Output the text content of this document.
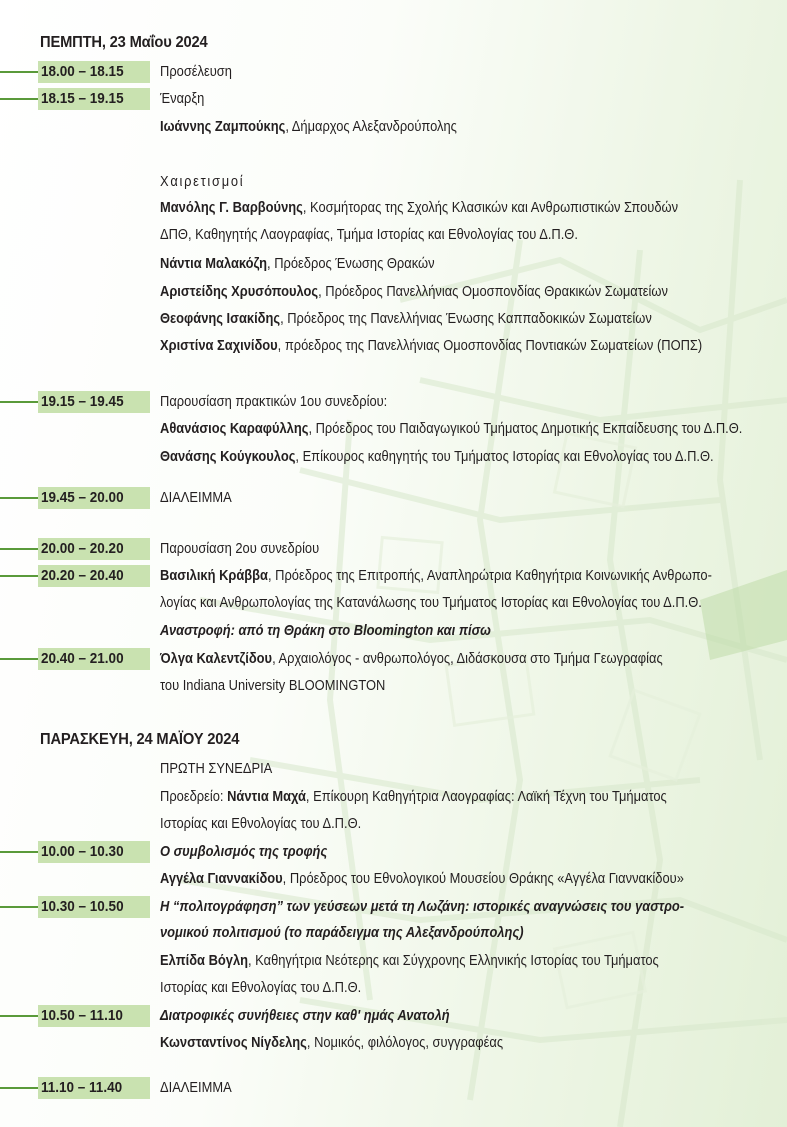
ΠΕΜΠΤΗ, 23 Μαΐου 2024
18.00 – 18.15	Προσέλευση
18.15 – 19.15	Έναρξη
Ιωάννης Ζαμπούκης, Δήμαρχος Αλεξανδρούπολης
Χαιρετισμοί
Μανόλης Γ. Βαρβούνης, Κοσμήτορας της Σχολής Κλασικών και Ανθρωπιστικών Σπουδών
ΔΠΘ, Καθηγητής Λαογραφίας, Τμήμα Ιστορίας και Εθνολογίας του Δ.Π.Θ.
Νάντια Μαλακόζη, Πρόεδρος Ένωσης Θρακών
Αριστείδης Χρυσόπουλος, Πρόεδρος Πανελλήνιας Ομοσπονδίας Θρακικών Σωματείων
Θεοφάνης Ισακίδης, Πρόεδρος της Πανελλήνιας Ένωσης Καππαδοκικών Σωματείων
Χριστίνα Σαχινίδου, πρόεδρος της Πανελλήνιας Ομοσπονδίας Ποντιακών Σωματείων (ΠΟΠΣ)
19.15 – 19.45	Παρουσίαση πρακτικών 1ου συνεδρίου:
Αθανάσιος Καραφύλλης, Πρόεδρος του Παιδαγωγικού Τμήματος Δημοτικής Εκπαίδευσης του Δ.Π.Θ.
Θανάσης Κούγκουλος, Επίκουρος καθηγητής του Τμήματος Ιστορίας και Εθνολογίας του Δ.Π.Θ.
19.45 – 20.00	ΔΙΑΛΕΙΜΜΑ
20.00 – 20.20	Παρουσίαση 2ου συνεδρίου
20.20 – 20.40	Βασιλική Κράββα, Πρόεδρος της Επιτροπής, Αναπληρώτρια Καθηγήτρια Κοινωνικής Ανθρωπο-
λογίας και Ανθρωπολογίας της Κατανάλωσης του Τμήματος Ιστορίας και Εθνολογίας του Δ.Π.Θ.
Αναστροφή: από τη Θράκη στο Bloomington και πίσω
20.40 – 21.00	Όλγα Καλεντζίδου, Αρχαιολόγος - ανθρωπολόγος, Διδάσκουσα στο Τμήμα Γεωγραφίας
του Indiana University BLOOMINGTON
ΠΑΡΑΣΚΕΥΗ, 24 ΜΑΪΟΥ 2024
ΠΡΩΤΗ ΣΥΝΕΔΡΙΑ
Προεδρείο: Νάντια Μαχά, Επίκουρη Καθηγήτρια Λαογραφίας: Λαϊκή Τέχνη του Τμήματος
Ιστορίας και Εθνολογίας του Δ.Π.Θ.
10.00 – 10.30	Ο συμβολισμός της τροφής
Αγγέλα Γιαννακίδου, Πρόεδρος του Εθνολογικού Μουσείου Θράκης «Αγγέλα Γιαννακίδου»
10.30 – 10.50	Η “πολιτογράφηση” των γεύσεων μετά τη Λωζάνη: ιστορικές αναγνώσεις του γαστρο-
νομικού πολιτισμού (το παράδειγμα της Αλεξανδρούπολης)
Ελπίδα Βόγλη, Καθηγήτρια Νεότερης και Σύγχρονης Ελληνικής Ιστορίας του Τμήματος
Ιστορίας και Εθνολογίας του Δ.Π.Θ.
10.50 – 11.10	Διατροφικές συνήθειες στην καθ' ημάς Ανατολή
Κωνσταντίνος Νίγδελης, Νομικός, φιλόλογος, συγγραφέας
11.10 – 11.40	ΔΙΑΛΕΙΜΜΑ
